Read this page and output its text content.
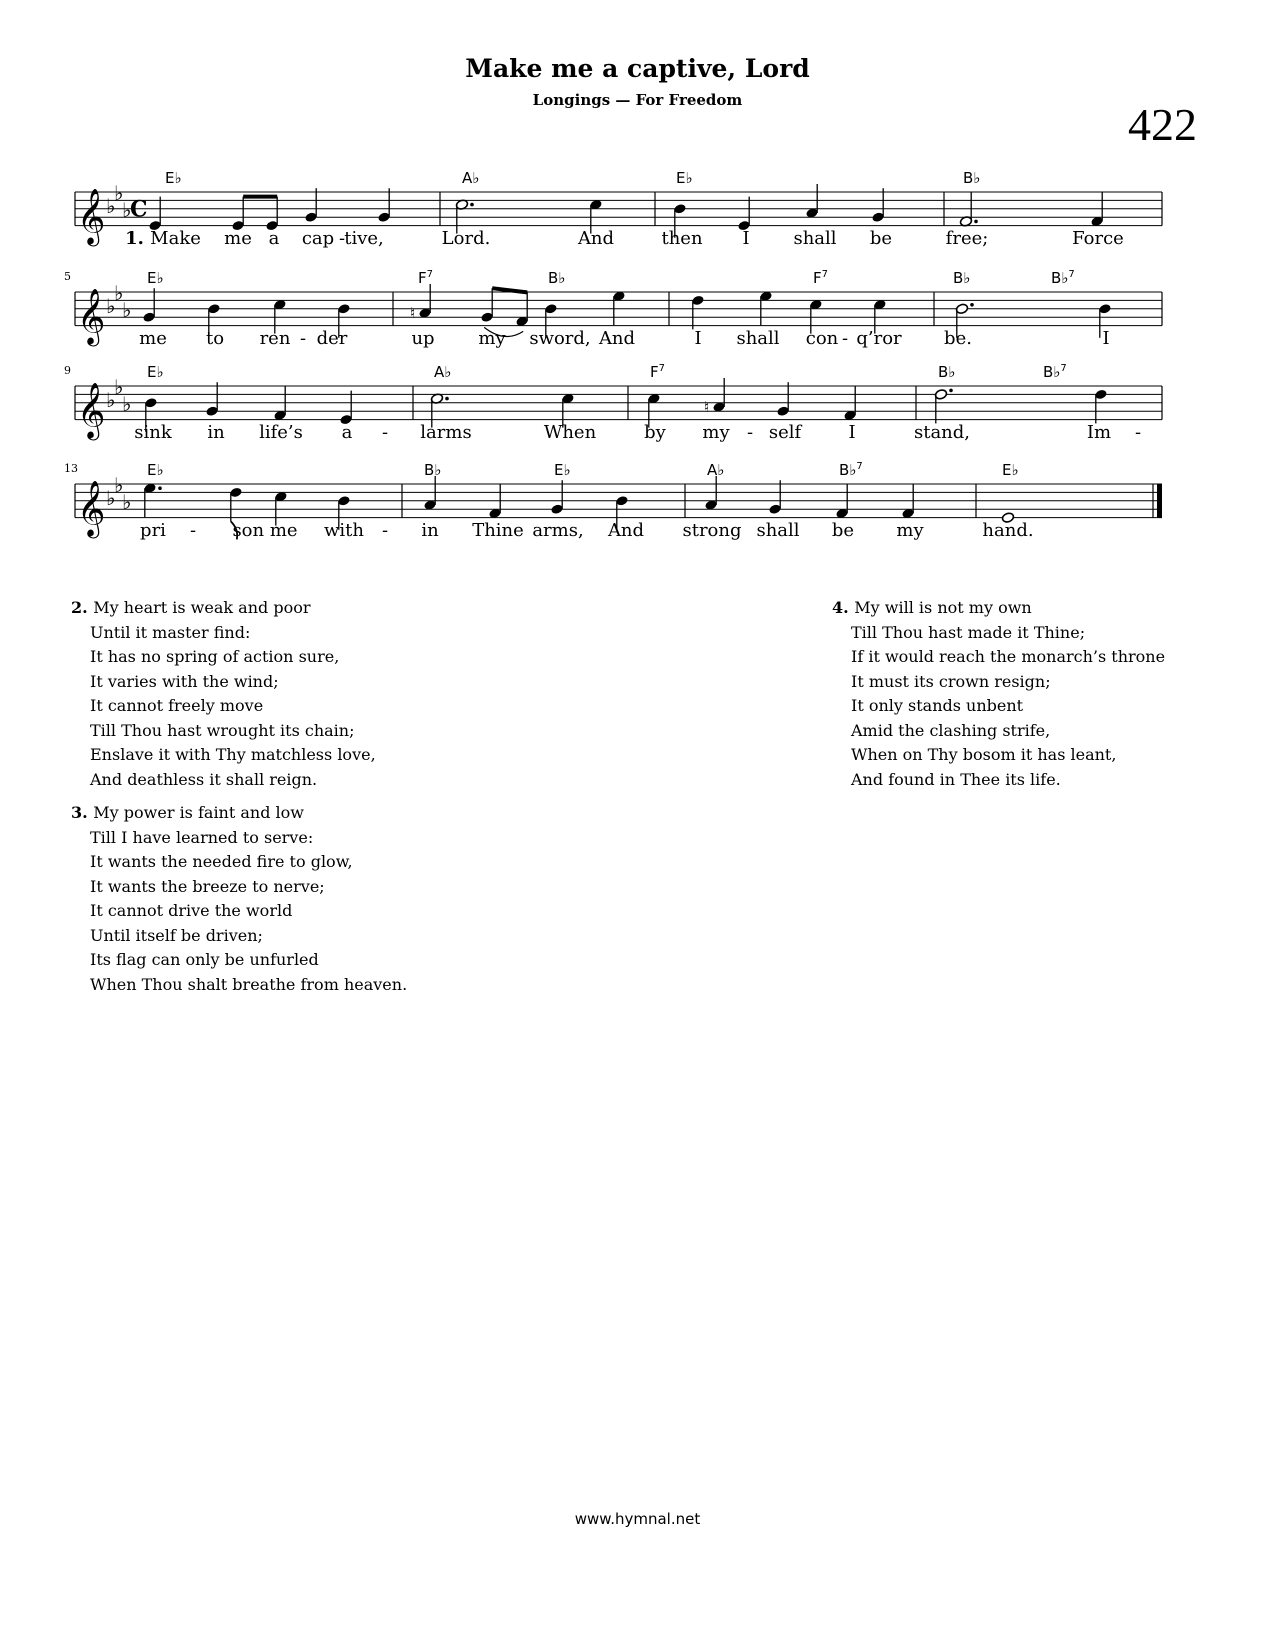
Make me a captive, Lord
Longings — For Freedom	422
𝄞 ♭
♭
♭
C
E♭	A♭	E♭	B♭
1. Make me a cap - tive,	Lord.	And	then I shall be	free;	Force
𝄞 ♭
♭
♭	♮
5	E♭	$F^7$	B♭	$F^7$	B♭	B♭$^7$
me to ren - der	up my sword, And	I shall con - q’ror be.	I
𝄞 ♭
♭
♭	♮
9	E♭	A♭	$F^7$	B♭	B♭$^7$
sink in life’s a - larms	When	by my - self	I	stand,	Im -
𝄞 ♭
♭
♭
13	E♭	B♭	E♭	A♭	B♭$^7$	E♭
pri - son me with - in Thine arms, And strong shall be my	hand.
2. My heart is weak and poor
Until it master find:
It has no spring of action sure,
It varies with the wind;
It cannot freely move
Till Thou hast wrought its chain;
Enslave it with Thy matchless love,
And deathless it shall reign.
3. My power is faint and low
Till I have learned to serve:
It wants the needed fire to glow,
It wants the breeze to nerve;
It cannot drive the world
Until itself be driven;
Its flag can only be unfurled
When Thou shalt breathe from heaven.
4. My will is not my own
Till Thou hast made it Thine;
If it would reach the monarch’s throne
It must its crown resign;
It only stands unbent
Amid the clashing strife,
When on Thy bosom it has leant,
And found in Thee its life.
www.hymnal.net
